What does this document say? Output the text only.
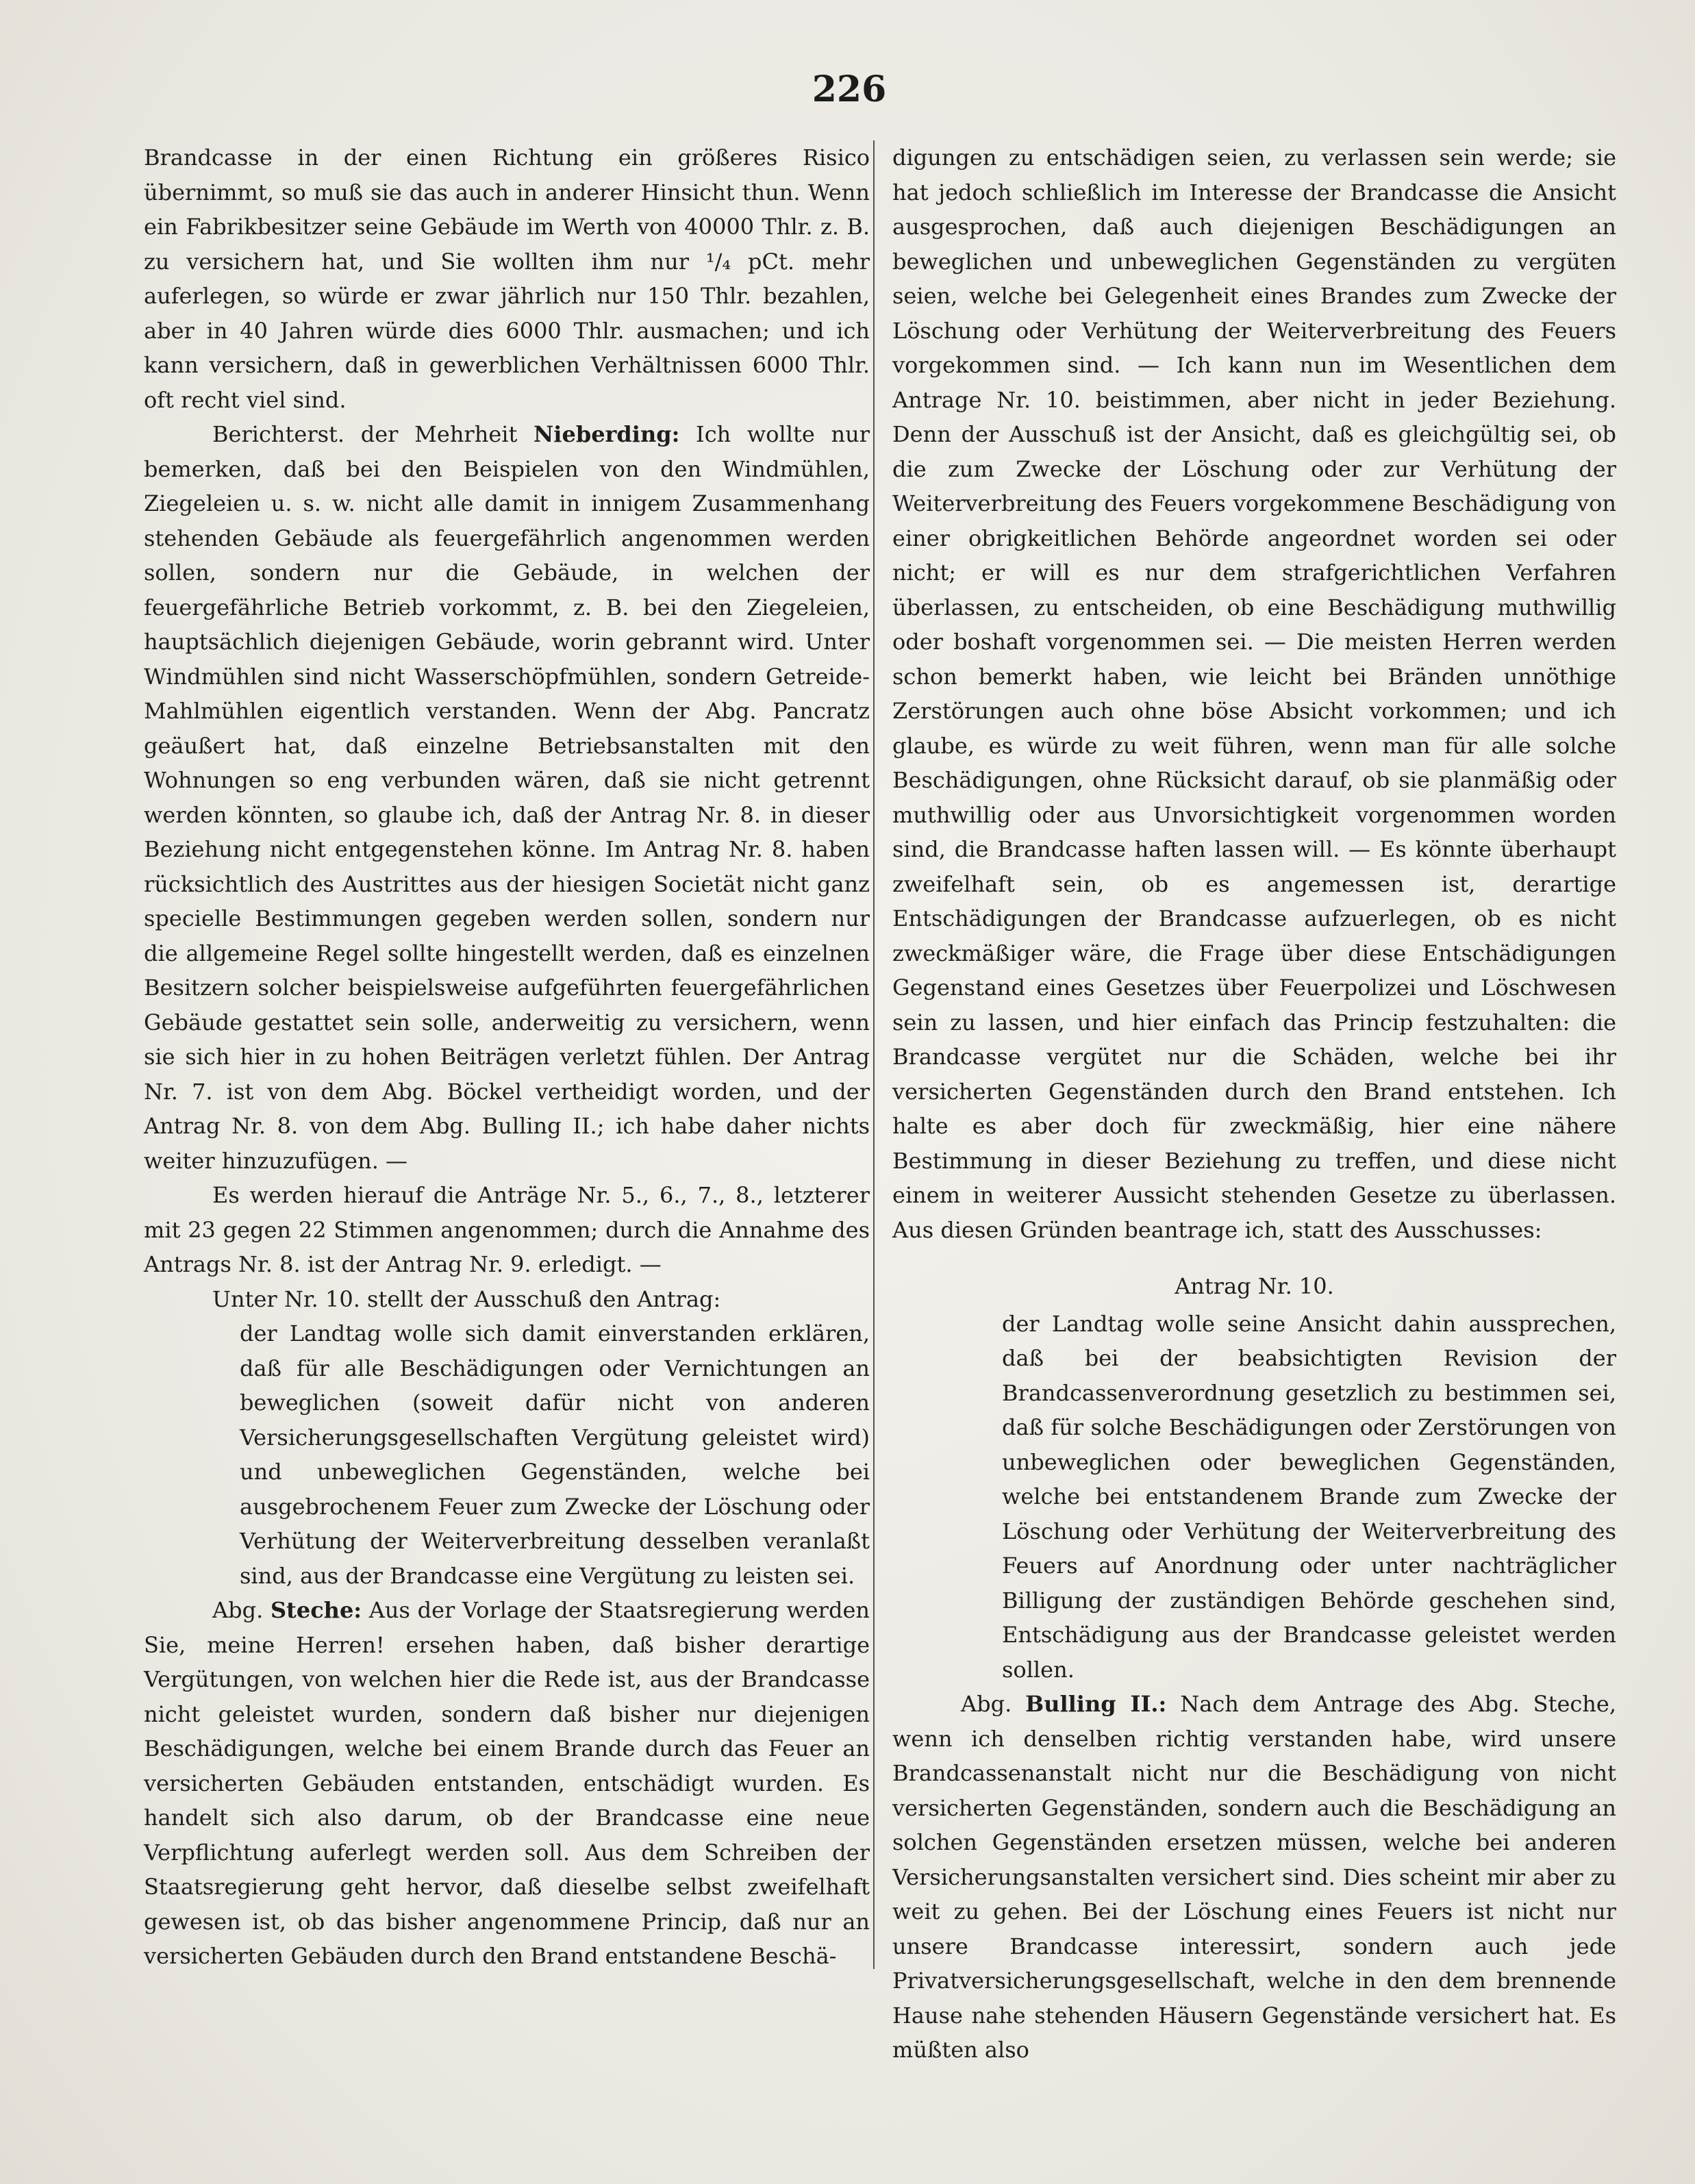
226

Brandcasse in der einen Richtung ein größeres Risico übernimmt, so muß sie das auch in anderer Hinsicht thun. Wenn ein Fabrikbesitzer seine Gebäude im Werth von 40000 Thlr. z. B. zu versichern hat, und Sie wollten ihm nur ¹/₄ pCt. mehr auferlegen, so würde er zwar jährlich nur 150 Thlr. bezahlen, aber in 40 Jahren würde dies 6000 Thlr. ausmachen; und ich kann versichern, daß in gewerblichen Verhältnissen 6000 Thlr. oft recht viel sind.

Berichterst. der Mehrheit Nieberding: Ich wollte nur bemerken, daß bei den Beispielen von den Windmühlen, Ziegeleien u. s. w. nicht alle damit in innigem Zusammenhang stehenden Gebäude als feuergefährlich angenommen werden sollen, sondern nur die Gebäude, in welchen der feuergefährliche Betrieb vorkommt, z. B. bei den Ziegeleien, hauptsächlich diejenigen Gebäude, worin gebrannt wird. Unter Windmühlen sind nicht Wasserschöpfmühlen, sondern Getreide-Mahlmühlen eigentlich verstanden. Wenn der Abg. Pancratz geäußert hat, daß einzelne Betriebsanstalten mit den Wohnungen so eng verbunden wären, daß sie nicht getrennt werden könnten, so glaube ich, daß der Antrag Nr. 8. in dieser Beziehung nicht entgegenstehen könne. Im Antrag Nr. 8. haben rücksichtlich des Austrittes aus der hiesigen Societät nicht ganz specielle Bestimmungen gegeben werden sollen, sondern nur die allgemeine Regel sollte hingestellt werden, daß es einzelnen Besitzern solcher beispielsweise aufgeführten feuergefährlichen Gebäude gestattet sein solle, anderweitig zu versichern, wenn sie sich hier in zu hohen Beiträgen verletzt fühlen. Der Antrag Nr. 7. ist von dem Abg. Böckel vertheidigt worden, und der Antrag Nr. 8. von dem Abg. Bulling II.; ich habe daher nichts weiter hinzuzufügen. —

Es werden hierauf die Anträge Nr. 5., 6., 7., 8., letzterer mit 23 gegen 22 Stimmen angenommen; durch die Annahme des Antrags Nr. 8. ist der Antrag Nr. 9. erledigt. —

Unter Nr. 10. stellt der Ausschuß den Antrag:

der Landtag wolle sich damit einverstanden erklären, daß für alle Beschädigungen oder Vernichtungen an beweglichen (soweit dafür nicht von anderen Versicherungsgesellschaften Vergütung geleistet wird) und unbeweglichen Gegenständen, welche bei ausgebrochenem Feuer zum Zwecke der Löschung oder Verhütung der Weiterverbreitung desselben veranlaßt sind, aus der Brandcasse eine Vergütung zu leisten sei.

Abg. Steche: Aus der Vorlage der Staatsregierung werden Sie, meine Herren! ersehen haben, daß bisher derartige Vergütungen, von welchen hier die Rede ist, aus der Brandcasse nicht geleistet wurden, sondern daß bisher nur diejenigen Beschädigungen, welche bei einem Brande durch das Feuer an versicherten Gebäuden entstanden, entschädigt wurden. Es handelt sich also darum, ob der Brandcasse eine neue Verpflichtung auferlegt werden soll. Aus dem Schreiben der Staatsregierung geht hervor, daß dieselbe selbst zweifelhaft gewesen ist, ob das bisher angenommene Princip, daß nur an versicherten Gebäuden durch den Brand entstandene Beschä-

digungen zu entschädigen seien, zu verlassen sein werde; sie hat jedoch schließlich im Interesse der Brandcasse die Ansicht ausgesprochen, daß auch diejenigen Beschädigungen an beweglichen und unbeweglichen Gegenständen zu vergüten seien, welche bei Gelegenheit eines Brandes zum Zwecke der Löschung oder Verhütung der Weiterverbreitung des Feuers vorgekommen sind. — Ich kann nun im Wesentlichen dem Antrage Nr. 10. beistimmen, aber nicht in jeder Beziehung. Denn der Ausschuß ist der Ansicht, daß es gleichgültig sei, ob die zum Zwecke der Löschung oder zur Verhütung der Weiterverbreitung des Feuers vorgekommene Beschädigung von einer obrigkeitlichen Behörde angeordnet worden sei oder nicht; er will es nur dem strafgerichtlichen Verfahren überlassen, zu entscheiden, ob eine Beschädigung muthwillig oder boshaft vorgenommen sei. — Die meisten Herren werden schon bemerkt haben, wie leicht bei Bränden unnöthige Zerstörungen auch ohne böse Absicht vorkommen; und ich glaube, es würde zu weit führen, wenn man für alle solche Beschädigungen, ohne Rücksicht darauf, ob sie planmäßig oder muthwillig oder aus Unvorsichtigkeit vorgenommen worden sind, die Brandcasse haften lassen will. — Es könnte überhaupt zweifelhaft sein, ob es angemessen ist, derartige Entschädigungen der Brandcasse aufzuerlegen, ob es nicht zweckmäßiger wäre, die Frage über diese Entschädigungen Gegenstand eines Gesetzes über Feuerpolizei und Löschwesen sein zu lassen, und hier einfach das Princip festzuhalten: die Brandcasse vergütet nur die Schäden, welche bei ihr versicherten Gegenständen durch den Brand entstehen. Ich halte es aber doch für zweckmäßig, hier eine nähere Bestimmung in dieser Beziehung zu treffen, und diese nicht einem in weiterer Aussicht stehenden Gesetze zu überlassen. Aus diesen Gründen beantrage ich, statt des Ausschusses:

Antrag Nr. 10.

der Landtag wolle seine Ansicht dahin aussprechen, daß bei der beabsichtigten Revision der Brandcassenverordnung gesetzlich zu bestimmen sei, daß für solche Beschädigungen oder Zerstörungen von unbeweglichen oder beweglichen Gegenständen, welche bei entstandenem Brande zum Zwecke der Löschung oder Verhütung der Weiterverbreitung des Feuers auf Anordnung oder unter nachträglicher Billigung der zuständigen Behörde geschehen sind, Entschädigung aus der Brandcasse geleistet werden sollen.

Abg. Bulling II.: Nach dem Antrage des Abg. Steche, wenn ich denselben richtig verstanden habe, wird unsere Brandcassenanstalt nicht nur die Beschädigung von nicht versicherten Gegenständen, sondern auch die Beschädigung an solchen Gegenständen ersetzen müssen, welche bei anderen Versicherungsanstalten versichert sind. Dies scheint mir aber zu weit zu gehen. Bei der Löschung eines Feuers ist nicht nur unsere Brandcasse interessirt, sondern auch jede Privatversicherungsgesellschaft, welche in den dem brennende Hause nahe stehenden Häusern Gegenstände versichert hat. Es müßten also
